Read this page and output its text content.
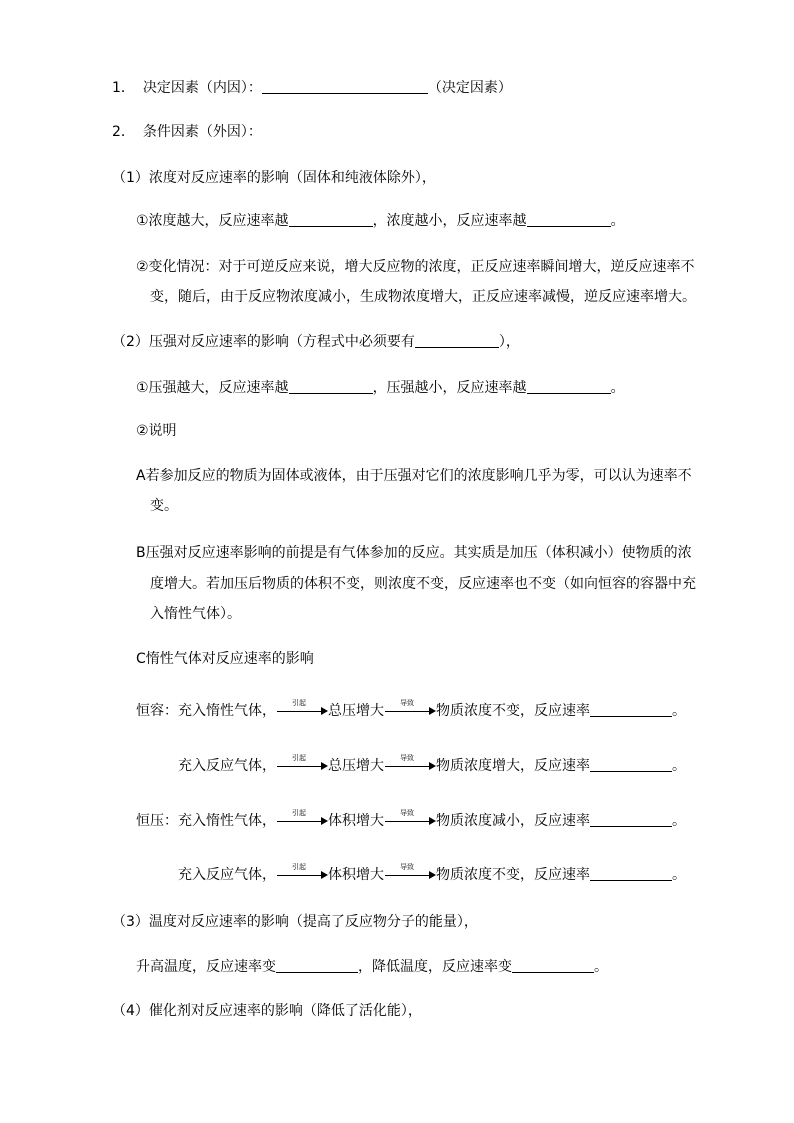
1． 决定因素（内因）：	（决定因素）
2． 条件因素（外因）：
（1）浓度对反应速率的影响（固体和纯液体除外），
①浓度越大，反应速率越	，浓度越小，反应速率越	。
②变化情况：对于可逆反应来说，增大反应物的浓度，正反应速率瞬间增大，逆反应速率不
变，随后，由于反应物浓度减小，生成物浓度增大，正反应速率减慢，逆反应速率增大。
（2）压强对反应速率的影响（方程式中必须要有	），
①压强越大，反应速率越	，压强越小，反应速率越	。
②说明
A若参加反应的物质为固体或液体，由于压强对它们的浓度影响几乎为零，可以认为速率不
变。
B压强对反应速率影响的前提是有气体参加的反应。其实质是加压（体积减小）使物质的浓
度增大。若加压后物质的体积不变，则浓度不变，反应速率也不变（如向恒容的容器中充
入惰性气体）。
C惰性气体对反应速率的影响
恒容：充入惰性气体，	引起	总压增大	导致	物质浓度不变，反应速率	。
充入反应气体，	引起	总压增大	导致	物质浓度增大，反应速率	。
恒压：充入惰性气体，	引起	体积增大	导致	物质浓度减小，反应速率	。
充入反应气体，	引起	体积增大	导致	物质浓度不变，反应速率	。
（3）温度对反应速率的影响（提高了反应物分子的能量），
升高温度，反应速率变	，降低温度，反应速率变	。
（4）催化剂对反应速率的影响（降低了活化能），
